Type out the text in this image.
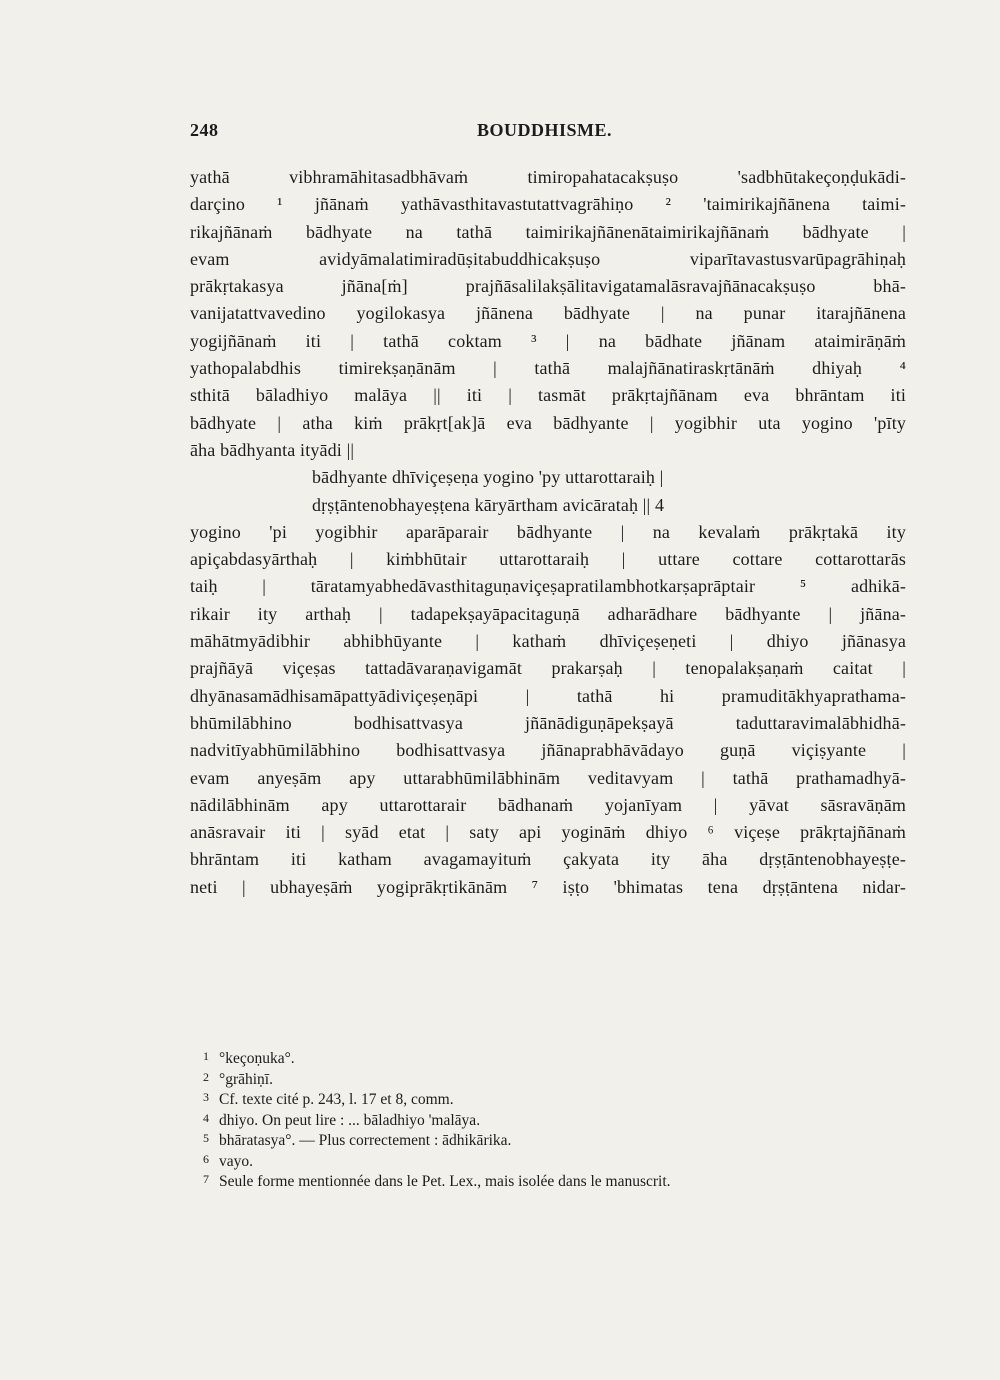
248	BOUDDHISME.
yathā vibhramāhitasadbhāvaṁ timiropahatacakṣuṣo 'sadbhūtakeçoṇḍukādi-
darçino ¹ jñānaṁ yathāvasthitavastutattvagrāhiṇo ² 'taimirikajñānena taimi-
rikajñānaṁ bādhyate na tathā taimirikajñānenātaimirikajñānaṁ bādhyate |
evam avidyāmalatimiradūṣitabuddhicakṣuṣo viparītavastusvarūpagrāhiṇaḥ
prākṛtakasya jñāna[ṁ] prajñāsalilakṣālitavigatamalāsravajñānacakṣuṣo bhā-
vanijatattvavedino yogilokasya jñānena bādhyate | na punar itarajñānena
yogijñānaṁ iti | tathā coktam ³ | na bādhate jñānam ataimirāṇāṁ
yathopalabdhis timirekṣaṇānām | tathā malajñānatiraskṛtānāṁ dhiyaḥ ⁴
sthitā bāladhiyo malāya || iti | tasmāt prākṛtajñānam eva bhrāntam iti
bādhyate | atha kiṁ prākṛt[ak]ā eva bādhyante | yogibhir uta yogino 'pīty
āha bādhyanta ityādi ||
bādhyante dhīviçeṣeṇa yogino 'py uttarottaraiḥ |
dṛṣṭāntenobhayeṣṭena kāryārtham avicārataḥ || 4
yogino 'pi yogibhir aparāparair bādhyante | na kevalaṁ prākṛtakā ity
apiçabdasyārthaḥ | kiṁbhūtair uttarottaraiḥ | uttare cottare cottarottarās
taiḥ | tāratamyabhedāvasthitaguṇaviçeṣapratilambhotkarṣaprāptair ⁵ adhikā-
rikair ity arthaḥ | tadapekṣayāpacitaguṇā adharādhare bādhyante | jñāna-
māhātmyādibhir abhibhūyante | kathaṁ dhīviçeṣeṇeti | dhiyo jñānasya
prajñāyā viçeṣas tattadāvaraṇavigamāt prakarṣaḥ | tenopalakṣaṇaṁ caitat |
dhyānasamādhisamāpattyādiviçeṣeṇāpi | tathā hi pramuditākhyaprathama-
bhūmilābhino bodhisattvasya jñānādiguṇāpekṣayā taduttaravimalābhidhā-
nadvitīyabhūmilābhino bodhisattvasya jñānaprabhāvādayo guṇā viçiṣyante |
evam anyeṣām apy uttarabhūmilābhinām veditavyam | tathā prathamadhyā-
nādilābhinām apy uttarottarair bādhanaṁ yojanīyam | yāvat sāsravāṇām
anāsravair iti | syād etat | saty api yogināṁ dhiyo ⁶ viçeṣe prākṛtajñānaṁ
bhrāntam iti katham avagamayituṁ çakyata ity āha dṛṣṭāntenobhayeṣṭe-
neti | ubhayeṣāṁ yogiprākṛtikānām ⁷ iṣṭo 'bhimatas tena dṛṣṭāntena nidar-
1 °keçoṇuka°.
2 °grāhiṇī.
3 Cf. texte cité p. 243, l. 17 et 8, comm.
4 dhiyo. On peut lire : ... bāladhiyo 'malāya.
5 bhāratasya°. — Plus correctement : ādhikārika.
6 vayo.
7 Seule forme mentionnée dans le Pet. Lex., mais isolée dans le manuscrit.
